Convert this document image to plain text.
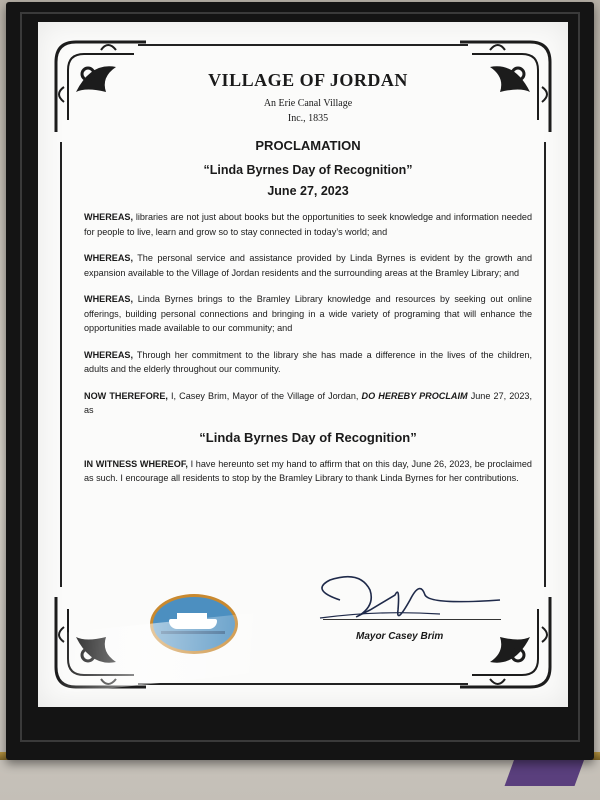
VILLAGE OF JORDAN
An Erie Canal Village
Inc., 1835
PROCLAMATION
“Linda Byrnes Day of Recognition”
June 27, 2023

WHEREAS, libraries are not just about books but the opportunities to seek knowledge and information needed for people to live, learn and grow so to stay connected in today’s world; and

WHEREAS, The personal service and assistance provided by Linda Byrnes is evident by the growth and expansion available to the Village of Jordan residents and the surrounding areas at the Bramley Library; and

WHEREAS, Linda Byrnes brings to the Bramley Library knowledge and resources by seeking out online offerings, building personal connections and bringing in a wide variety of programing that will enhance the opportunities made available to our community; and

WHEREAS, Through her commitment to the library she has made a difference in the lives of the children, adults and the elderly throughout our community.

NOW THEREFORE, I, Casey Brim, Mayor of the Village of Jordan, DO HEREBY PROCLAIM June 27, 2023, as

“Linda Byrnes Day of Recognition”

IN WITNESS WHEREOF, I have hereunto set my hand to affirm that on this day, June 26, 2023, be proclaimed as such. I encourage all residents to stop by the Bramley Library to thank Linda Byrnes for her contributions.

Mayor Casey Brim
